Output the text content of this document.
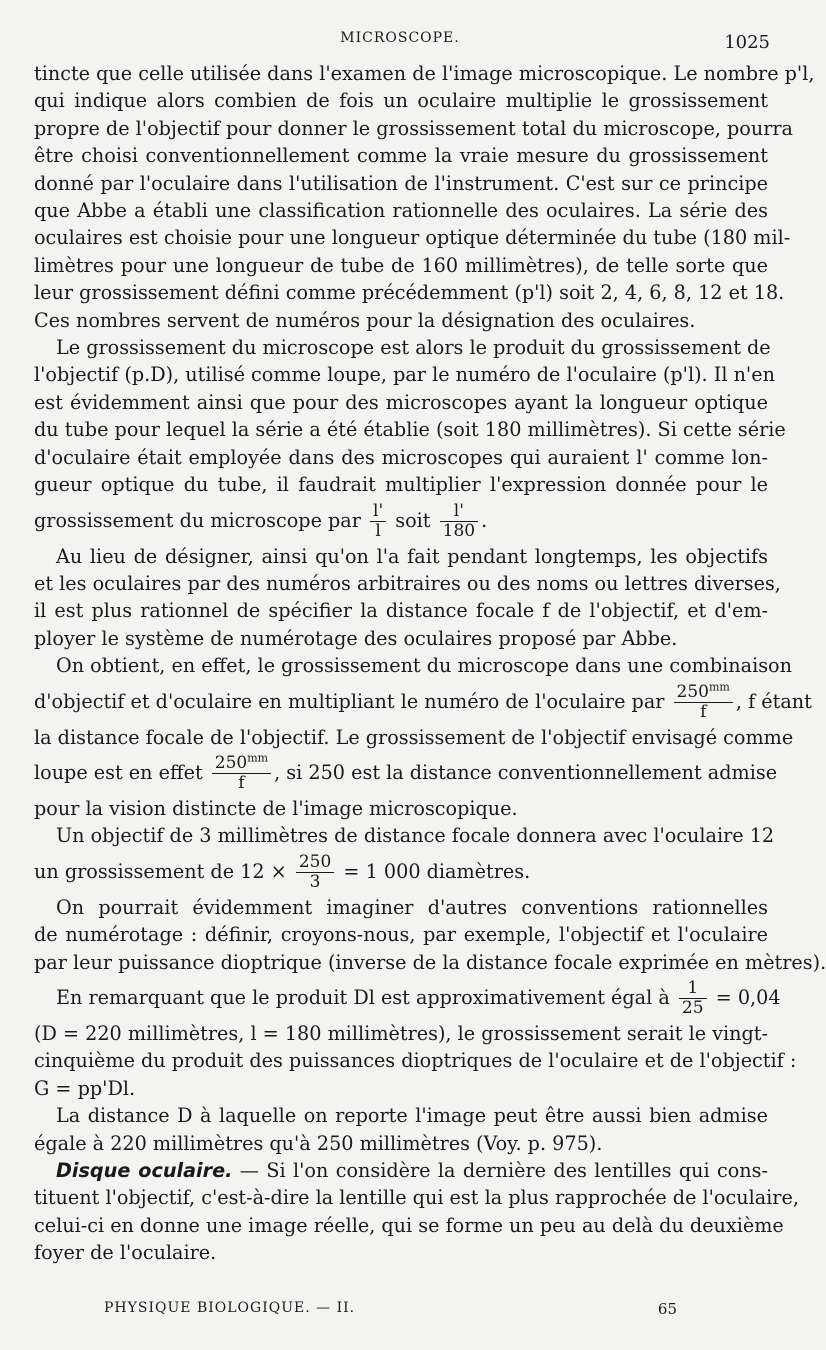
MICROSCOPE.	1025
tincte que celle utilisée dans l'examen de l'image microscopique. Le nombre p'l,
qui indique alors combien de fois un oculaire multiplie le grossissement
propre de l'objectif pour donner le grossissement total du microscope, pourra
être choisi conventionnellement comme la vraie mesure du grossissement
donné par l'oculaire dans l'utilisation de l'instrument. C'est sur ce principe
que Abbe a établi une classification rationnelle des oculaires. La série des
oculaires est choisie pour une longueur optique déterminée du tube (180 mil-
limètres pour une longueur de tube de 160 millimètres), de telle sorte que
leur grossissement défini comme précédemment (p'l) soit 2, 4, 6, 8, 12 et 18.
Ces nombres servent de numéros pour la désignation des oculaires.
Le grossissement du microscope est alors le produit du grossissement de
l'objectif (p.D), utilisé comme loupe, par le numéro de l'oculaire (p'l). Il n'en
est évidemment ainsi que pour des microscopes ayant la longueur optique
du tube pour lequel la série a été établie (soit 180 millimètres). Si cette série
d'oculaire était employée dans des microscopes qui auraient l' comme lon-
gueur optique du tube, il faudrait multiplier l'expression donnée pour le
grossissement du microscope par $\frac{l'}{l}$ soit $\frac{l'}{180}$ .
Au lieu de désigner, ainsi qu'on l'a fait pendant longtemps, les objectifs
et les oculaires par des numéros arbitraires ou des noms ou lettres diverses,
il est plus rationnel de spécifier la distance focale f de l'objectif, et d'em-
ployer le système de numérotage des oculaires proposé par Abbe.
On obtient, en effet, le grossissement du microscope dans une combinaison
d'objectif et d'oculaire en multipliant le numéro de l'oculaire par $\frac{250^{mm}}{f}$ , f étant
la distance focale de l'objectif. Le grossissement de l'objectif envisagé comme
loupe est en effet $\frac{250^{mm}}{f}$ , si 250 est la distance conventionnellement admise
pour la vision distincte de l'image microscopique.
Un objectif de 3 millimètres de distance focale donnera avec l'oculaire 12
un grossissement de $12 \times \frac{250}{3} = 1$ 000 diamètres.
On pourrait évidemment imaginer d'autres conventions rationnelles
de numérotage : définir, croyons-nous, par exemple, l'objectif et l'oculaire
par leur puissance dioptrique (inverse de la distance focale exprimée en mètres).
En remarquant que le produit Dl est approximativement égal à $\frac{1}{25} = 0,04$
(D = 220 millimètres, l = 180 millimètres), le grossissement serait le vingt-
cinquième du produit des puissances dioptriques de l'oculaire et de l'objectif :
G = pp'Dl.
La distance D à laquelle on reporte l'image peut être aussi bien admise
égale à 220 millimètres qu'à 250 millimètres (Voy. p. 975).
Disque oculaire. — Si l'on considère la dernière des lentilles qui cons-
tituent l'objectif, c'est-à-dire la lentille qui est la plus rapprochée de l'oculaire,
celui-ci en donne une image réelle, qui se forme un peu au delà du deuxième
foyer de l'oculaire.
PHYSIQUE BIOLOGIQUE. — II.	65
